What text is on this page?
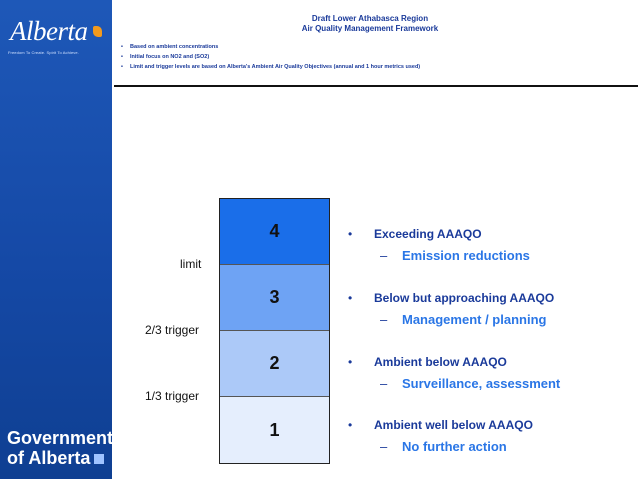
Alberta
Freedom To Create. Spirit To Achieve.
Government
of Alberta
Draft Lower Athabasca Region
Air Quality Management Framework
• Based on ambient concentrations
• Initial focus on NO2 and (SO2)
• Limit and trigger levels are based on Alberta's Ambient Air Quality Objectives (annual and 1 hour metrics used)
4
3
2
1
limit
2/3 trigger
1/3 trigger
• Exceeding AAAQO
– Emission reductions
• Below but approaching AAAQO
– Management / planning
• Ambient below AAAQO
– Surveillance, assessment
• Ambient well below AAAQO
– No further action
